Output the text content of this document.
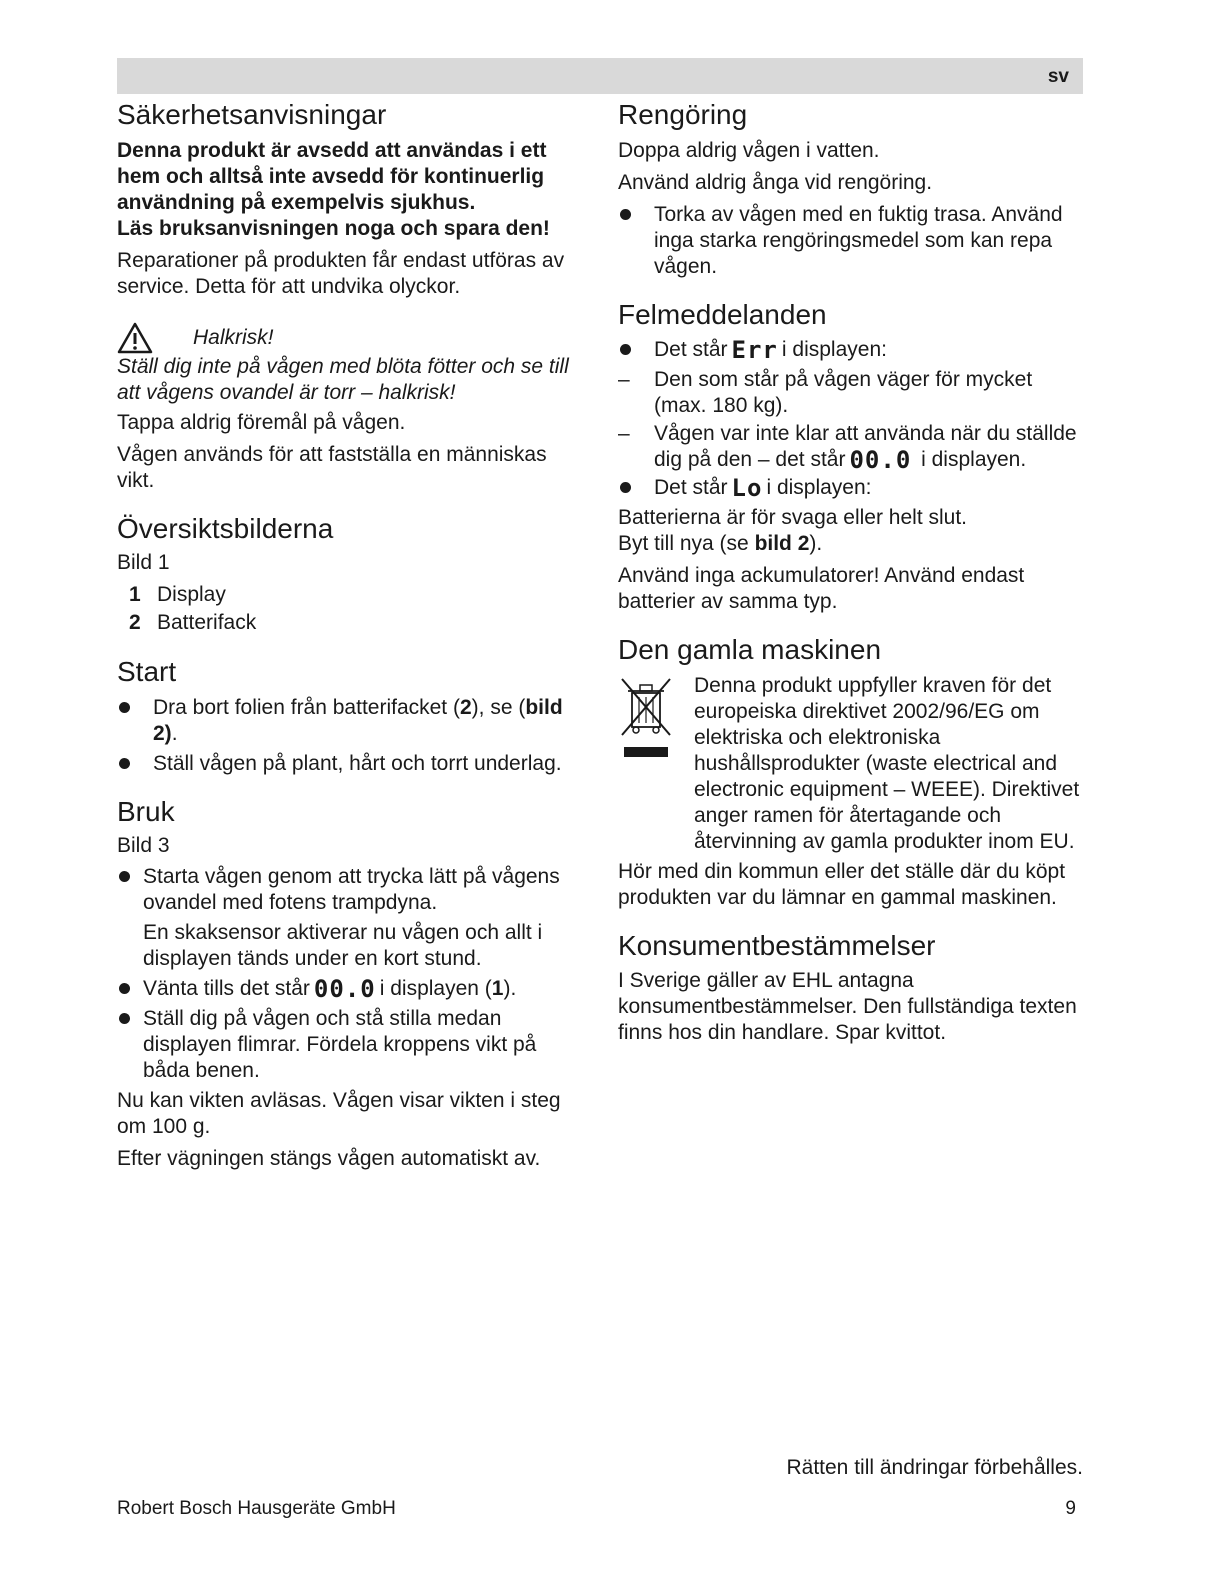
sv
Säkerhetsanvisningar

Denna produkt är avsedd att användas i ett hem och alltså inte avsedd för kontinuerlig användning på exempelvis sjukhus.

Läs bruksanvisningen noga och spara den!

Reparationer på produkten får endast utföras av service. Detta för att undvika olyckor.

Halkrisk!

Ställ dig inte på vågen med blöta fötter och se till att vågens ovandel är torr – halkrisk!

Tappa aldrig föremål på vågen.

Vågen används för att fastställa en människas vikt.

Översiktsbilderna
Bild 1
1 Display
2 Batterifack
Start
Dra bort folien från batterifacket (2), se (bild 2).
Ställ vågen på plant, hårt och torrt underlag.
Bruk
Bild 3
Starta vågen genom att trycka lätt på vågens ovandel med fotens trampdyna.
En skaksensor aktiverar nu vågen och allt i displayen tänds under en kort stund.
Vänta tills det står 00.0 i displayen (1).
Ställ dig på vågen och stå stilla medan displayen flimrar. Fördela kroppens vikt på båda benen.

Nu kan vikten avläsas. Vågen visar vikten i steg om 100 g.

Efter vägningen stängs vågen automatiskt av.

Rengöring

Doppa aldrig vågen i vatten.

Använd aldrig ånga vid rengöring.

Torka av vågen med en fuktig trasa. Använd inga starka rengöringsmedel som kan repa vågen.
Felmeddelanden
Det står Err i displayen:
– Den som står på vågen väger för mycket (max. 180 kg).
– Vågen var inte klar att använda när du ställde dig på den – det står 00.0 i displayen.
Det står Lo i displayen:

Batterierna är för svaga eller helt slut.

Byt till nya (se bild 2).

Använd inga ackumulatorer! Använd endast batterier av samma typ.

Den gamla maskinen

Denna produkt uppfyller kraven för det europeiska direktivet 2002/96/EG om elektriska och elektroniska hushållsprodukter (waste electrical and electronic equipment – WEEE). Direktivet anger ramen för återtagande och återvinning av gamla produkter inom EU.

Hör med din kommun eller det ställe där du köpt produkten var du lämnar en gammal maskinen.

Konsumentbestämmelser

I Sverige gäller av EHL antagna konsumentbestämmelser. Den fullständiga texten finns hos din handlare. Spar kvittot.

Rätten till ändringar förbehålles.
Robert Bosch Hausgeräte GmbH	9
